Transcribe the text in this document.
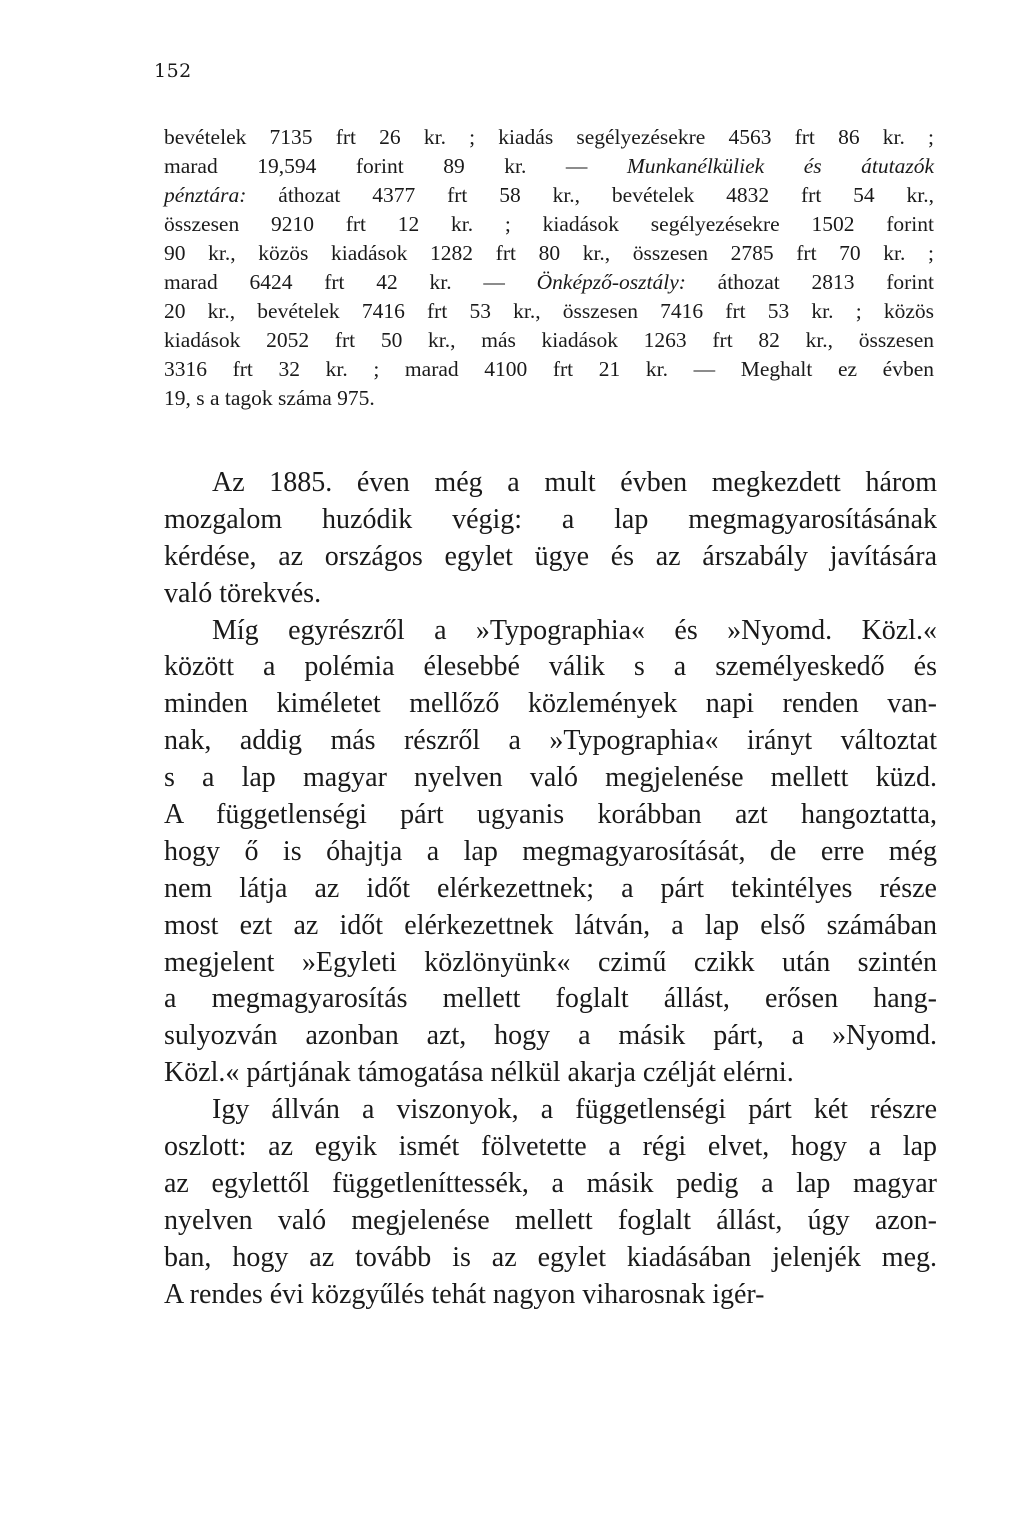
152
bevételek 7135 frt 26 kr. ; kiadás segélyezésekre 4563 frt 86 kr. ;
marad 19,594 forint 89 kr. — Munkanélküliek és átutazók
pénztára: áthozat 4377 frt 58 kr., bevételek 4832 frt 54 kr.,
összesen 9210 frt 12 kr. ; kiadások segélyezésekre 1502 forint
90 kr., közös kiadások 1282 frt 80 kr., összesen 2785 frt 70 kr. ;
marad 6424 frt 42 kr. — Önképző-osztály: áthozat 2813 forint
20 kr., bevételek 7416 frt 53 kr., összesen 7416 frt 53 kr. ; közös
kiadások 2052 frt 50 kr., más kiadások 1263 frt 82 kr., összesen
3316 frt 32 kr. ; marad 4100 frt 21 kr. — Meghalt ez évben
19, s a tagok száma 975.
Az 1885. éven még a mult évben megkezdett három
mozgalom huzódik végig: a lap megmagyarosításának
kérdése, az országos egylet ügye és az árszabály javítására
való törekvés.
Míg egyrészről a »Typographia« és »Nyomd. Közl.«
között a polémia élesebbé válik s a személyeskedő és
minden kiméletet mellőző közlemények napi renden van-
nak, addig más részről a »Typographia« irányt változtat
s a lap magyar nyelven való megjelenése mellett küzd.
A függetlenségi párt ugyanis korábban azt hangoztatta,
hogy ő is óhajtja a lap megmagyarosítását, de erre még
nem látja az időt elérkezettnek; a párt tekintélyes része
most ezt az időt elérkezettnek látván, a lap első számában
megjelent »Egyleti közlönyünk« czimű czikk után szintén
a megmagyarosítás mellett foglalt állást, erősen hang-
sulyozván azonban azt, hogy a másik párt, a »Nyomd.
Közl.« pártjának támogatása nélkül akarja czélját elérni.
Igy állván a viszonyok, a függetlenségi párt két részre
oszlott: az egyik ismét fölvetette a régi elvet, hogy a lap
az egylettől függetleníttessék, a másik pedig a lap magyar
nyelven való megjelenése mellett foglalt állást, úgy azon-
ban, hogy az tovább is az egylet kiadásában jelenjék meg.
A rendes évi közgyűlés tehát nagyon viharosnak igér-
